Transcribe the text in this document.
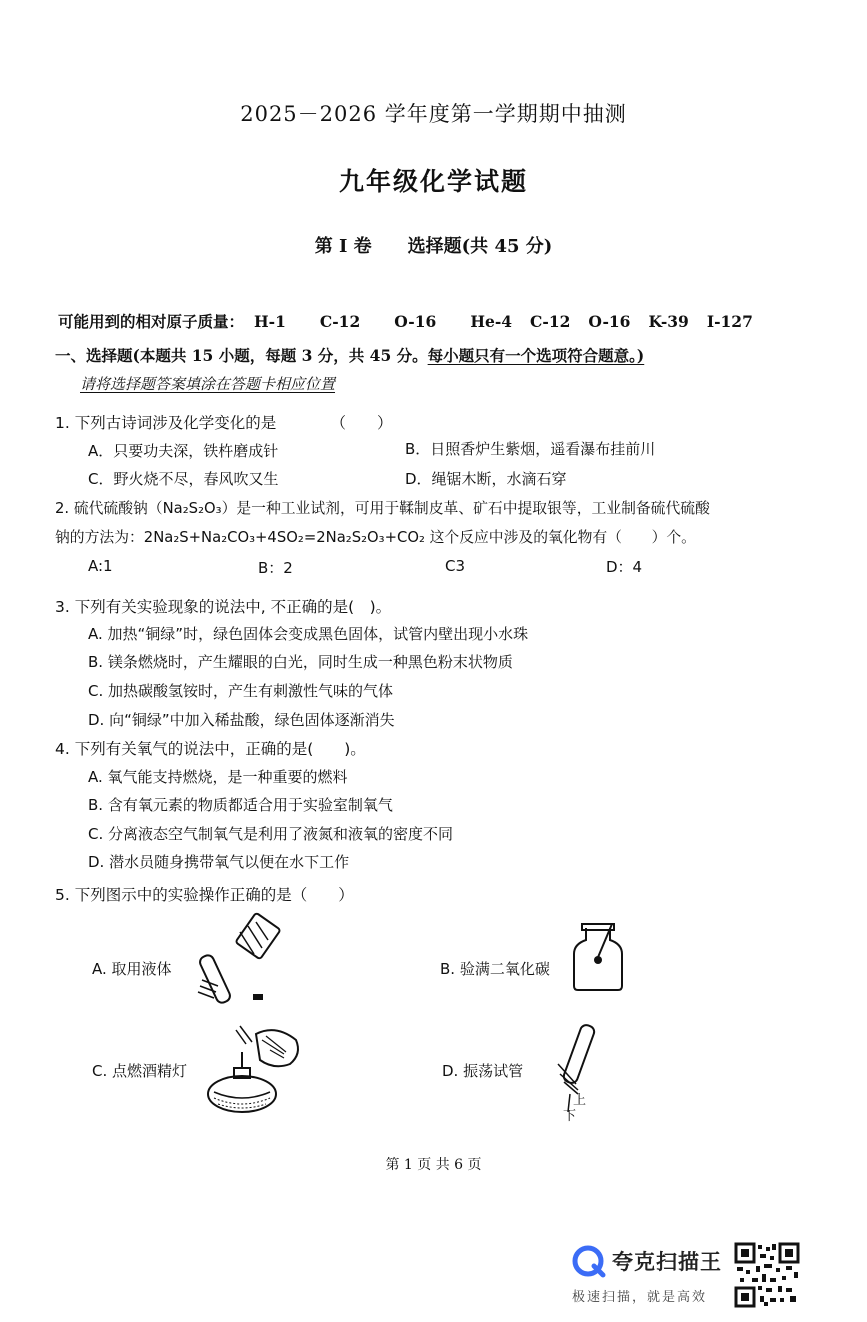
2025－2026 学年度第一学期期中抽测
九年级化学试题
第 I 卷 选择题(共 45 分)
可能用到的相对原子质量： H-1 C-12 O-16 He-4 C-12 O-16 K-39 I-127
一、选择题(本题共 15 小题，每题 3 分，共 45 分。每小题只有一个选项符合题意。)
请将选择题答案填涂在答题卡相应位置
1. 下列古诗词涉及化学变化的是　　　　（　　）
A．只要功夫深，铁杵磨成针	B．日照香炉生紫烟，遥看瀑布挂前川
C．野火烧不尽，春风吹又生	D．绳锯木断，水滴石穿
2. 硫代硫酸钠（Na₂S₂O₃）是一种工业试剂，可用于鞣制皮革、矿石中提取银等，工业制备硫代硫酸
钠的方法为：2Na₂S+Na₂CO₃+4SO₂=2Na₂S₂O₃+CO₂ 这个反应中涉及的氧化物有（　　）个。
A:1	B：2	C3	D：4
3. 下列有关实验现象的说法中, 不正确的是(　)。
A. 加热“铜绿”时，绿色固体会变成黑色固体，试管内壁出现小水珠
B. 镁条燃烧时，产生耀眼的白光，同时生成一种黑色粉末状物质
C. 加热碳酸氢铵时，产生有刺激性气味的气体
D. 向“铜绿”中加入稀盐酸，绿色固体逐渐消失
4. 下列有关氧气的说法中，正确的是(　　)。
A. 氧气能支持燃烧，是一种重要的燃料
B. 含有氧元素的物质都适合用于实验室制氧气
C. 分离液态空气制氧气是利用了液氮和液氧的密度不同
D. 潜水员随身携带氧气以便在水下工作
5. 下列图示中的实验操作正确的是（　　）
A. 取用液体	B. 验满二氧化碳
C. 点燃酒精灯	D. 振荡试管
上
下
第 1 页 共 6 页
夸克扫描王
极速扫描，就是高效
